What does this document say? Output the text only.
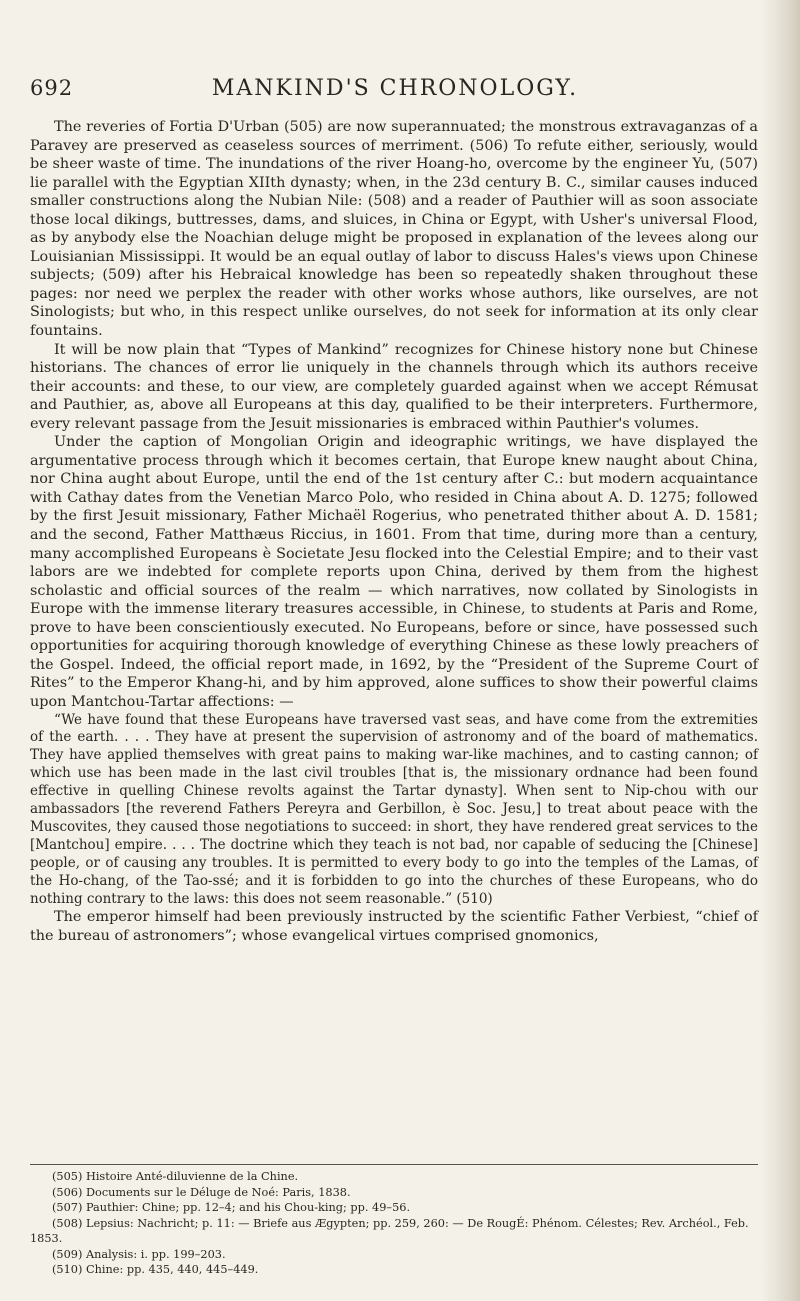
692	MANKIND'S CHRONOLOGY.

The reveries of Fortia D'Urban (505) are now superannuated; the monstrous extravaganzas of a Paravey are preserved as ceaseless sources of merriment. (506) To refute either, seriously, would be sheer waste of time. The inundations of the river Hoang-ho, overcome by the engineer Yu, (507) lie parallel with the Egyptian XIIth dynasty; when, in the 23d century B. C., similar causes induced smaller constructions along the Nubian Nile: (508) and a reader of Pauthier will as soon associate those local dikings, buttresses, dams, and sluices, in China or Egypt, with Usher's universal Flood, as by anybody else the Noachian deluge might be proposed in explanation of the levees along our Louisianian Mississippi. It would be an equal outlay of labor to discuss Hales's views upon Chinese subjects; (509) after his Hebraical knowledge has been so repeatedly shaken throughout these pages: nor need we perplex the reader with other works whose authors, like ourselves, are not Sinologists; but who, in this respect unlike ourselves, do not seek for information at its only clear fountains.

It will be now plain that “Types of Mankind” recognizes for Chinese history none but Chinese historians. The chances of error lie uniquely in the channels through which its authors receive their accounts: and these, to our view, are completely guarded against when we accept Rémusat and Pauthier, as, above all Europeans at this day, qualified to be their interpreters. Furthermore, every relevant passage from the Jesuit missionaries is embraced within Pauthier's volumes.

Under the caption of Mongolian Origin and ideographic writings, we have displayed the argumentative process through which it becomes certain, that Europe knew naught about China, nor China aught about Europe, until the end of the 1st century after C.: but modern acquaintance with Cathay dates from the Venetian Marco Polo, who resided in China about A. D. 1275; followed by the first Jesuit missionary, Father Michaël Rogerius, who penetrated thither about A. D. 1581; and the second, Father Matthæus Riccius, in 1601. From that time, during more than a century, many accomplished Europeans è Societate Jesu flocked into the Celestial Empire; and to their vast labors are we indebted for complete reports upon China, derived by them from the highest scholastic and official sources of the realm — which narratives, now collated by Sinologists in Europe with the immense literary treasures accessible, in Chinese, to students at Paris and Rome, prove to have been conscientiously executed. No Europeans, before or since, have possessed such opportunities for acquiring thorough knowledge of everything Chinese as these lowly preachers of the Gospel. Indeed, the official report made, in 1692, by the “President of the Supreme Court of Rites” to the Emperor Khang-hi, and by him approved, alone suffices to show their powerful claims upon Mantchou-Tartar affections: —

“We have found that these Europeans have traversed vast seas, and have come from the extremities of the earth. . . . They have at present the supervision of astronomy and of the board of mathematics. They have applied themselves with great pains to making war-like machines, and to casting cannon; of which use has been made in the last civil troubles [that is, the missionary ordnance had been found effective in quelling Chinese revolts against the Tartar dynasty]. When sent to Nip-chou with our ambassadors [the reverend Fathers Pereyra and Gerbillon, è Soc. Jesu,] to treat about peace with the Muscovites, they caused those negotiations to succeed: in short, they have rendered great services to the [Mantchou] empire. . . . The doctrine which they teach is not bad, nor capable of seducing the [Chinese] people, or of causing any troubles. It is permitted to every body to go into the temples of the Lamas, of the Ho-chang, of the Tao-ssé; and it is forbidden to go into the churches of these Europeans, who do nothing contrary to the laws: this does not seem reasonable.” (510)

The emperor himself had been previously instructed by the scientific Father Verbiest, “chief of the bureau of astronomers”; whose evangelical virtues comprised gnomonics,

(505) Histoire Anté-diluvienne de la Chine.
(506) Documents sur le Déluge de Noé: Paris, 1838.
(507) Pauthier: Chine; pp. 12–4; and his Chou-king; pp. 49–56.
(508) Lepsius: Nachricht; p. 11: — Briefe aus Ægypten; pp. 259, 260: — De RougÉ: Phénom. Célestes; Rev. Archéol., Feb. 1853.
(509) Analysis: i. pp. 199–203.
(510) Chine: pp. 435, 440, 445–449.
